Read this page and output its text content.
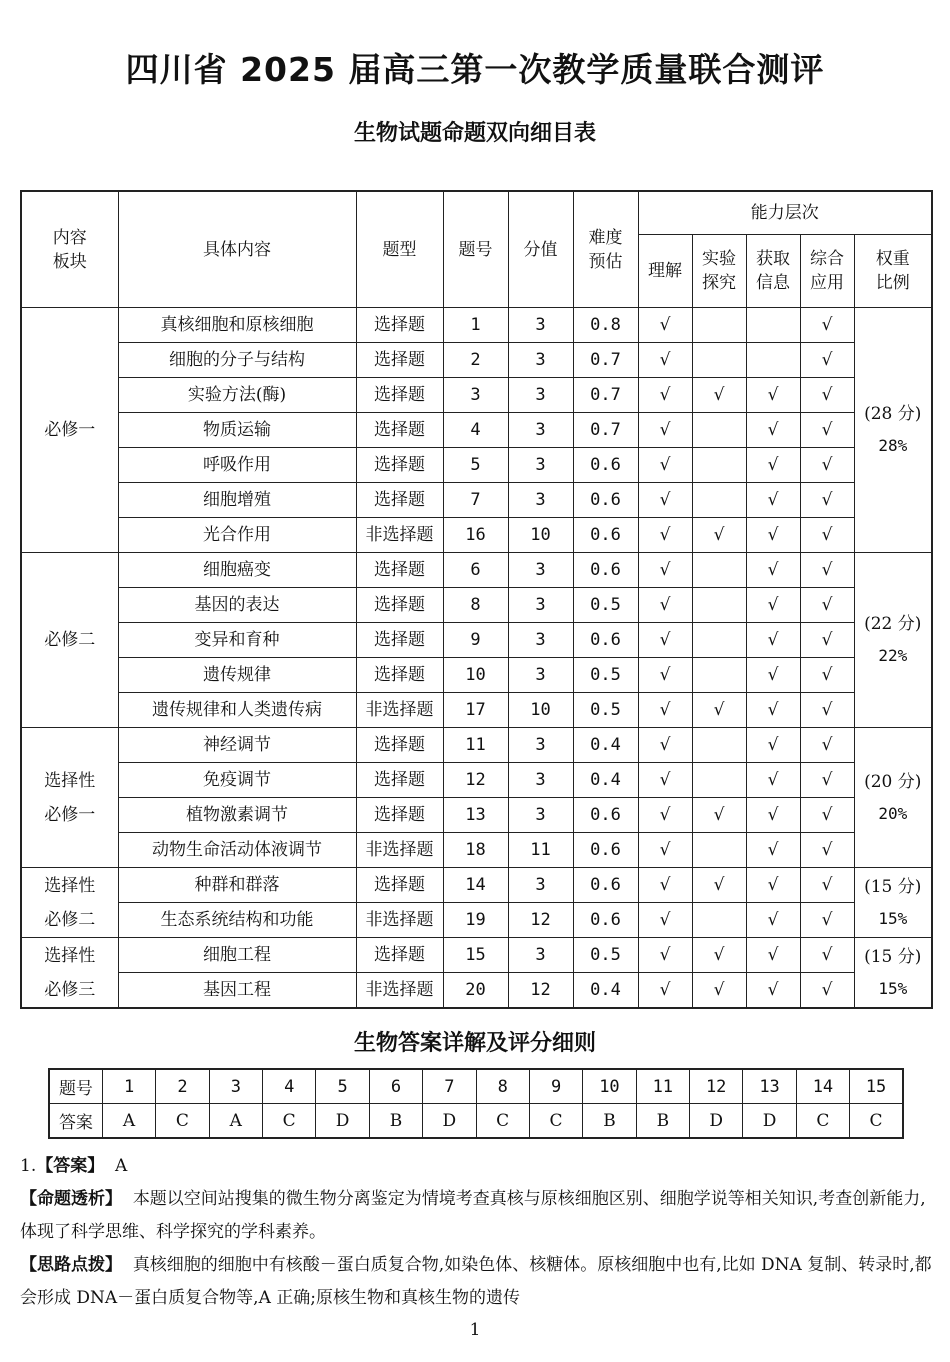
四川省 2025 届高三第一次教学质量联合测评
生物试题命题双向细目表
内容板块	具体内容	题型	题号	分值	难度预估	能力层次				
						理解	实验探究	获取信息	综合应用	权重比例
必修一	真核细胞和原核细胞	选择题	1	3	0.8	√			√	(28 分)
28%

	细胞的分子与结构	选择题	2	3	0.7	√			√	
	实验方法(酶)	选择题	3	3	0.7	√	√	√	√	
	物质运输	选择题	4	3	0.7	√		√	√	
	呼吸作用	选择题	5	3	0.6	√		√	√	
	细胞增殖	选择题	7	3	0.6	√		√	√	
	光合作用	非选择题	16	10	0.6	√	√	√	√	
必修二	细胞癌变	选择题	6	3	0.6	√		√	√	(22 分)
22%

	基因的表达	选择题	8	3	0.5	√		√	√	
	变异和育种	选择题	9	3	0.6	√		√	√	
	遗传规律	选择题	10	3	0.5	√		√	√	
	遗传规律和人类遗传病	非选择题	17	10	0.5	√	√	√	√	
选择性必修一	神经调节	选择题	11	3	0.4	√		√	√	(20 分)
20%

	免疫调节	选择题	12	3	0.4	√		√	√	
	植物激素调节	选择题	13	3	0.6	√	√	√	√	
	动物生命活动体液调节	非选择题	18	11	0.6	√		√	√	
选择性必修二	种群和群落	选择题	14	3	0.6	√	√	√	√	(15 分)
15%

	生态系统结构和功能	非选择题	19	12	0.6	√		√	√	
选择性必修三	细胞工程	选择题	15	3	0.5	√	√	√	√	(15 分)
15%

	基因工程	非选择题	20	12	0.4	√	√	√	√	
生物答案详解及评分细则
题号	1	2	3	4	5	6	7	8	9	10	11	12	13	14	15
答案	A	C	A	C	D	B	D	C	C	B	B	D	D	C	C
1.【答案】 A
【命题透析】 本题以空间站搜集的微生物分离鉴定为情境考查真核与原核细胞区别、细胞学说等相关知识,考查创新能力,体现了科学思维、科学探究的学科素养。
【思路点拨】 真核细胞的细胞中有核酸－蛋白质复合物,如染色体、核糖体。原核细胞中也有,比如 DNA 复制、转录时,都会形成 DNA－蛋白质复合物等,A 正确;原核生物和真核生物的遗传
1
